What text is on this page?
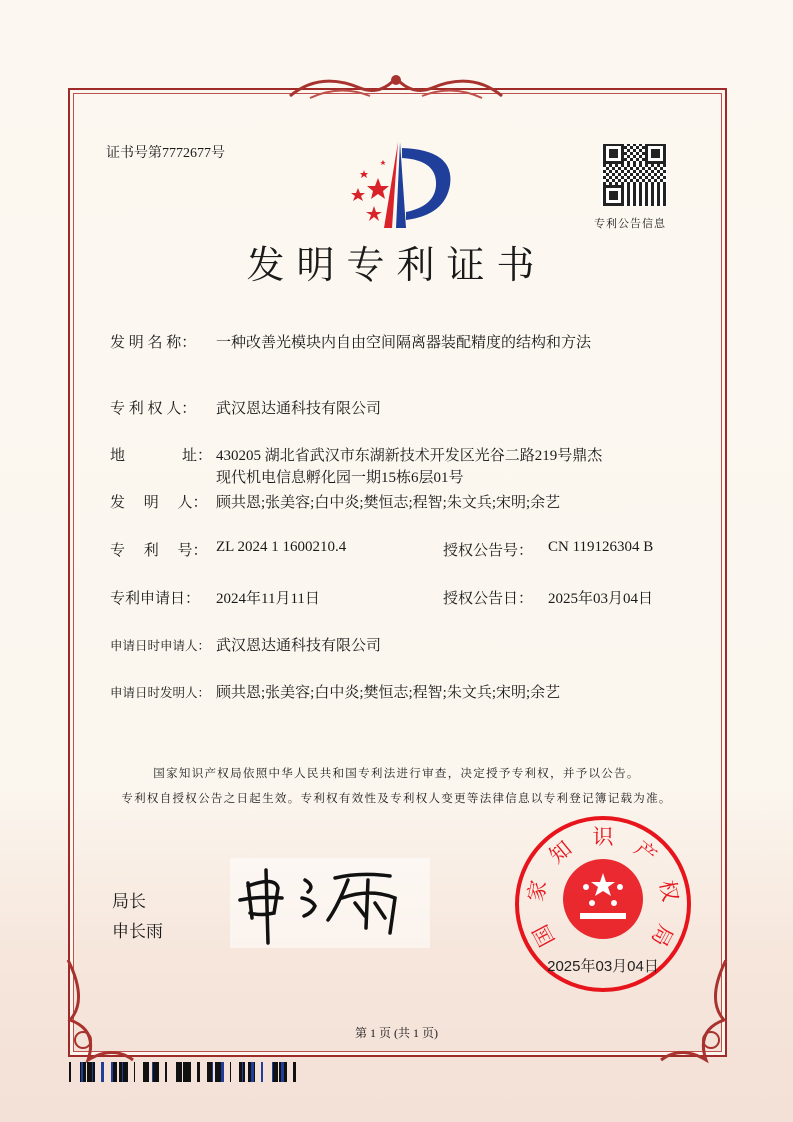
证书号第7772677号
专利公告信息
发明专利证书
发 明 名 称： 一种改善光模块内自由空间隔离器装配精度的结构和方法
专 利 权 人： 武汉恩达通科技有限公司
地	址： 430205 湖北省武汉市东湖新技术开发区光谷二路219号鼎杰
现代机电信息孵化园一期15栋6层01号
发　 明　 人： 顾共恩;张美容;白中炎;樊恒志;程智;朱文兵;宋明;余艺
专　 利　 号： ZL 2024 1 1600210.4	授权公告号： CN 119126304 B
专利申请日： 2024年11月11日	授权公告日： 2025年03月04日
申请日时申请人： 武汉恩达通科技有限公司
申请日时发明人： 顾共恩;张美容;白中炎;樊恒志;程智;朱文兵;宋明;余艺
国家知识产权局依照中华人民共和国专利法进行审查，决定授予专利权，并予以公告。
专利权自授权公告之日起生效。专利权有效性及专利权人变更等法律信息以专利登记簿记载为准。
局长
申长雨	国
家
知 识 产
权
局
2025年03月04日
第 1 页 (共 1 页)
